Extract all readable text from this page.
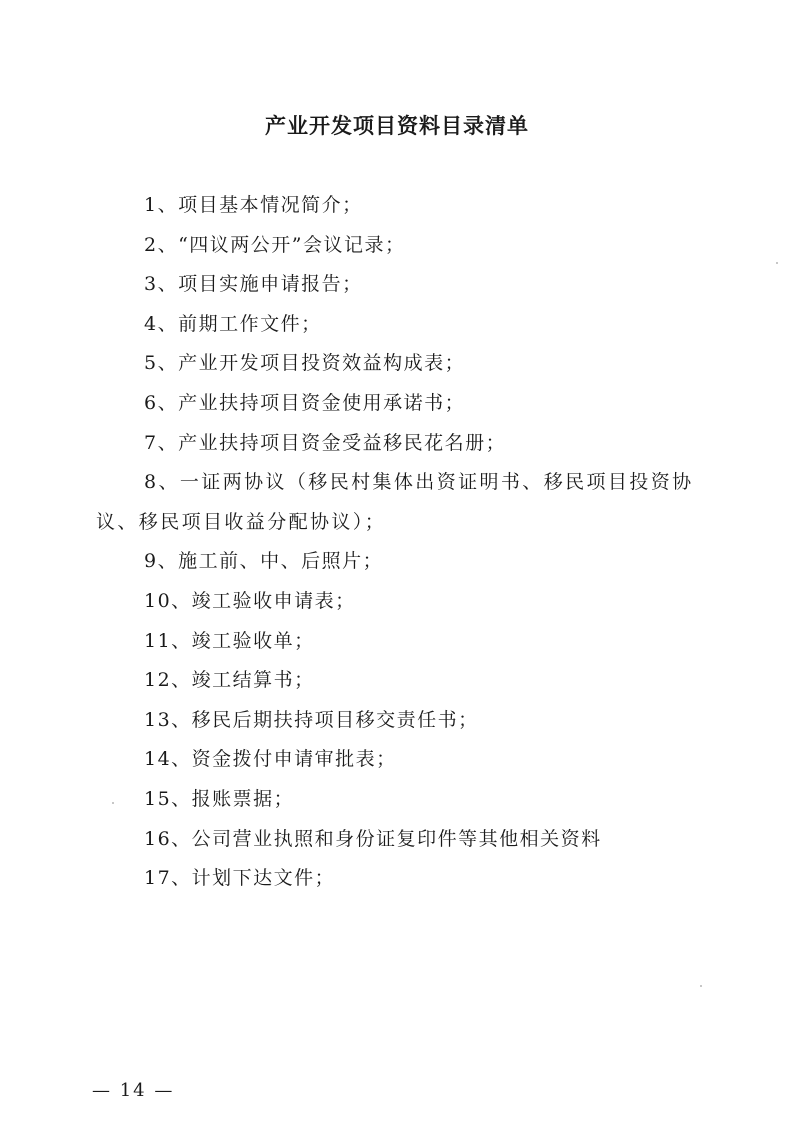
产业开发项目资料目录清单
1、项目基本情况简介；
2、“四议两公开”会议记录；
3、项目实施申请报告；
4、前期工作文件；
5、产业开发项目投资效益构成表；
6、产业扶持项目资金使用承诺书；
7、产业扶持项目资金受益移民花名册；
8、一证两协议（移民村集体出资证明书、移民项目投资协议、移民项目收益分配协议）；
9、施工前、中、后照片；
10、竣工验收申请表；
11、竣工验收单；
12、竣工结算书；
13、移民后期扶持项目移交责任书；
14、资金拨付申请审批表；
15、报账票据；
16、公司营业执照和身份证复印件等其他相关资料
17、计划下达文件；
— 14 —
